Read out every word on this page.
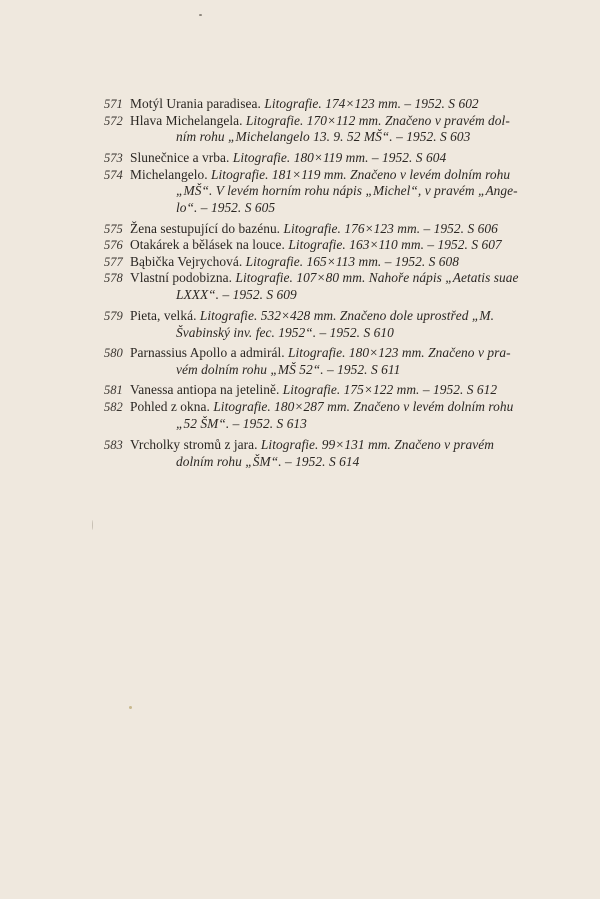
571 Motýl Urania paradisea. Litografie. 174×123 mm. – 1952. S 602
572 Hlava Michelangela. Litografie. 170×112 mm. Značeno v pravém dol-
ním rohu „Michelangelo 13. 9. 52 MŠ“. – 1952. S 603
573 Slunečnice a vrba. Litografie. 180×119 mm. – 1952. S 604
574 Michelangelo. Litografie. 181×119 mm. Značeno v levém dolním rohu
„MŠ“. V levém horním rohu nápis „Michel“, v pravém „Ange-
lo“. – 1952. S 605
575 Žena sestupující do bazénu. Litografie. 176×123 mm. – 1952. S 606
576 Otakárek a bělásek na louce. Litografie. 163×110 mm. – 1952. S 607
577 Bąbička Vejrychová. Litografie. 165×113 mm. – 1952. S 608
578 Vlastní podobizna. Litografie. 107×80 mm. Nahoře nápis „Aetatis suae
LXXX“. – 1952. S 609
579 Pieta, velká. Litografie. 532×428 mm. Značeno dole uprostřed „M.
Švabinský inv. fec. 1952“. – 1952. S 610
580 Parnassius Apollo a admirál. Litografie. 180×123 mm. Značeno v pra-
vém dolním rohu „MŠ 52“. – 1952. S 611
581 Vanessa antiopa na jetelině. Litografie. 175×122 mm. – 1952. S 612
582 Pohled z okna. Litografie. 180×287 mm. Značeno v levém dolním rohu
„52 ŠM“. – 1952. S 613
583 Vrcholky stromů z jara. Litografie. 99×131 mm. Značeno v pravém
dolním rohu „ŠM“. – 1952. S 614
